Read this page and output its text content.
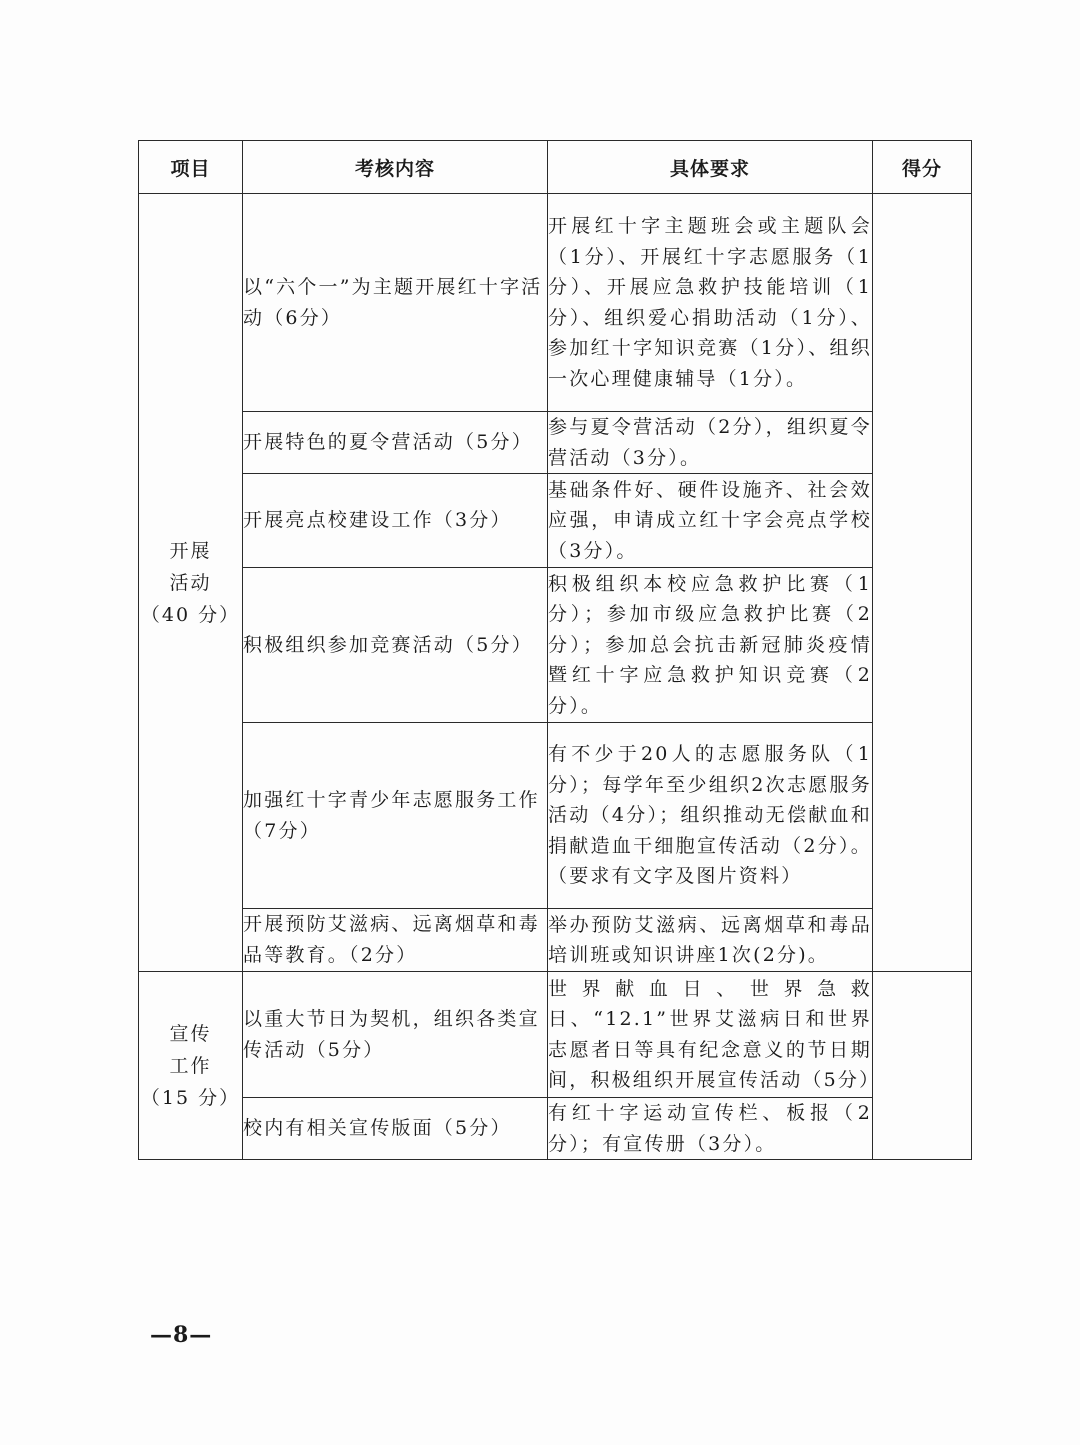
项目	考核内容	具体要求	得分

开展
活动
（40 分）	以“六个一”为主题开展红十字活动（6分）	开展红十字主题班会或主题队会（1分）、开展红十字志愿服务（1分）、开展应急救护技能培训（1分）、组织爱心捐助活动（1分）、参加红十字知识竞赛（1分）、组织一次心理健康辅导（1分）。	
	开展特色的夏令营活动（5分）	参与夏令营活动（2分），组织夏令营活动（3分）。	
	开展亮点校建设工作（3分）	基础条件好、硬件设施齐、社会效应强，申请成立红十字会亮点学校（3分）。	
	积极组织参加竞赛活动（5分）	积极组织本校应急救护比赛（1分）；参加市级应急救护比赛（2分）；参加总会抗击新冠肺炎疫情暨红十字应急救护知识竞赛（2分）。	
	加强红十字青少年志愿服务工作（7分）	有不少于20人的志愿服务队（1分）；每学年至少组织2次志愿服务活动（4分）；组织推动无偿献血和捐献造血干细胞宣传活动（2分）。（要求有文字及图片资料）	
	开展预防艾滋病、远离烟草和毒品等教育。（2分）	举办预防艾滋病、远离烟草和毒品培训班或知识讲座1次(2分)。	

宣传
工作
（15 分）	以重大节日为契机，组织各类宣传活动（5分）	世界献血日、世界急救日、“12.1”世界艾滋病日和世界志愿者日等具有纪念意义的节日期间，积极组织开展宣传活动（5分）	
	校内有相关宣传版面（5分）	有红十字运动宣传栏、板报（2分）；有宣传册（3分）。	
—8—
